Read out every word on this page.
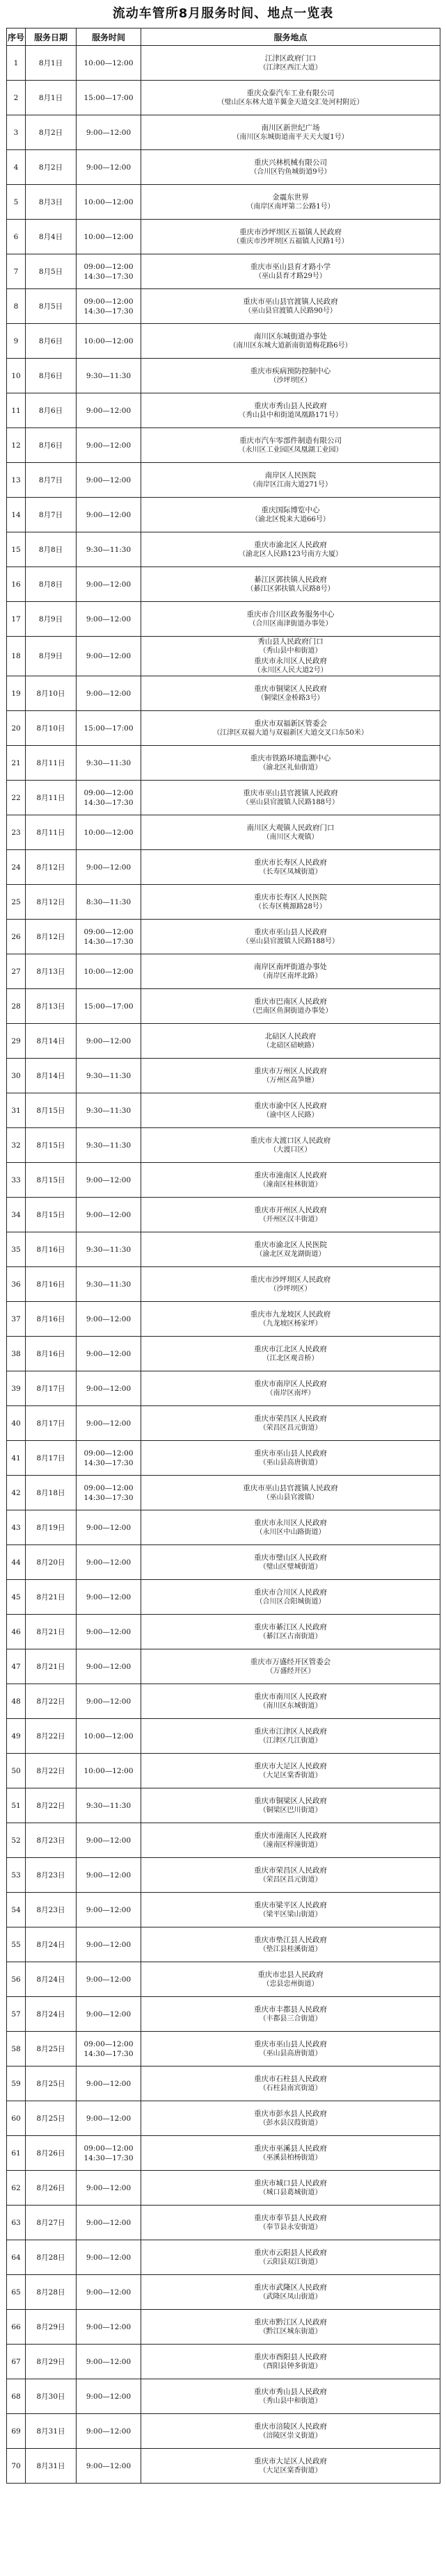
流动车管所8月服务时间、地点一览表
序号	服务日期	服务时间	服务地点
1	8月1日	10:00—12:00	江津区政府门口
（江津区西江大道）

2	8月1日	15:00—17:00	重庆众泰汽车工业有限公司
（璧山区东林大道羊翼金天道交汇处河村附近）

3	8月2日	9:00—12:00	南川区新世纪广场
（南川区东城街道南平天天大厦1号）

4	8月2日	9:00—12:00	重庆兴林机械有限公司
（合川区钓鱼城街道9号）

5	8月3日	10:00—12:00	金震东世界
（南岸区南坪第二公路1号）

6	8月4日	10:00—12:00	重庆市沙坪坝区五福镇人民政府
（重庆市沙坪坝区五福镇人民路1号）

7	8月5日	09:00—12:00
14:30—17:30	重庆市巫山县育才路小学
（巫山县育才路29号）

8	8月5日	09:00—12:00
14:30—17:30	重庆市巫山县官渡镇人民政府
（巫山县官渡镇人民路90号）

9	8月6日	10:00—12:00	南川区东城街道办事处
（南川区东城大道新南街道梅花路6号）

10	8月6日	9:30—11:30	重庆市疾病预防控制中心
（沙坪坝区）

11	8月6日	9:00—12:00	重庆市秀山县人民政府
（秀山县中和街道凤凰路171号）

12	8月6日	9:00—12:00	重庆市汽车零部件制造有限公司
（永川区工业园区凤凰湖工业园）

13	8月7日	9:00—12:00	南岸区人民医院
（南岸区江南大道271号）

14	8月7日	9:00—12:00	重庆国际博览中心
（渝北区悦来大道66号）

15	8月8日	9:30—11:30	重庆市渝北区人民政府
（渝北区人民路123号南方大厦）

16	8月8日	9:00—12:00	綦江区郭扶镇人民政府
（綦江区郭扶镇人民路8号）

17	8月9日	9:00—12:00	重庆市合川区政务服务中心
（合川区南津街道办事处）

18	8月9日	9:00—12:00	秀山县人民政府门口
（秀山县中和街道）
重庆市永川区人民政府
（永川区人民大道2号）

19	8月10日	9:00—12:00	重庆市铜梁区人民政府
（铜梁区金桥路3号）

20	8月10日	15:00—17:00	重庆市双福新区管委会
（江津区双福大道与双福新区大道交叉口东50米）

21	8月11日	9:30—11:30	重庆市铁路环境监测中心
（渝北区礼仙街道）

22	8月11日	09:00—12:00
14:30—17:30	重庆市巫山县官渡镇人民政府
（巫山县官渡镇人民路188号）

23	8月11日	10:00—12:00	南川区大观镇人民政府门口
（南川区大观镇）

24	8月12日	9:00—12:00	重庆市长寿区人民政府
（长寿区凤城街道）

25	8月12日	8:30—11:30	重庆市长寿区人民医院
（长寿区桃源路28号）

26	8月12日	09:00—12:00
14:30—17:30	重庆市巫山县人民政府
（巫山县官渡镇人民路188号）

27	8月13日	10:00—12:00	南岸区南坪街道办事处
（南岸区南坪北路）

28	8月13日	15:00—17:00	重庆市巴南区人民政府
（巴南区鱼洞街道办事处）

29	8月14日	9:00—12:00	北碚区人民政府
（北碚区碚峡路）

30	8月14日	9:30—11:30	重庆市万州区人民政府
（万州区高笋塘）

31	8月15日	9:30—11:30	重庆市渝中区人民政府
（渝中区人民路）

32	8月15日	9:30—11:30	重庆市大渡口区人民政府
（大渡口区）

33	8月15日	9:00—12:00	重庆市潼南区人民政府
（潼南区桂林街道）

34	8月15日	9:00—12:00	重庆市开州区人民政府
（开州区汉丰街道）

35	8月16日	9:30—11:30	重庆市渝北区人民医院
（渝北区双龙湖街道）

36	8月16日	9:30—11:30	重庆市沙坪坝区人民政府
（沙坪坝区）

37	8月16日	9:00—12:00	重庆市九龙坡区人民政府
（九龙坡区杨家坪）

38	8月16日	9:00—12:00	重庆市江北区人民政府
（江北区观音桥）

39	8月17日	9:00—12:00	重庆市南岸区人民政府
（南岸区南坪）

40	8月17日	9:00—12:00	重庆市荣昌区人民政府
（荣昌区昌元街道）

41	8月17日	09:00—12:00
14:30—17:30	重庆市巫山县人民政府
（巫山县高唐街道）

42	8月18日	09:00—12:00
14:30—17:30	重庆市巫山县官渡镇人民政府
（巫山县官渡镇）

43	8月19日	9:00—12:00	重庆市永川区人民政府
（永川区中山路街道）

44	8月20日	9:00—12:00	重庆市璧山区人民政府
（璧山区璧城街道）

45	8月21日	9:00—12:00	重庆市合川区人民政府
（合川区合阳城街道）

46	8月21日	9:00—12:00	重庆市綦江区人民政府
（綦江区古南街道）

47	8月21日	9:00—12:00	重庆市万盛经开区管委会
（万盛经开区）

48	8月22日	9:00—12:00	重庆市南川区人民政府
（南川区东城街道）

49	8月22日	10:00—12:00	重庆市江津区人民政府
（江津区几江街道）

50	8月22日	10:00—12:00	重庆市大足区人民政府
（大足区棠香街道）

51	8月22日	9:30—11:30	重庆市铜梁区人民政府
（铜梁区巴川街道）

52	8月23日	9:00—12:00	重庆市潼南区人民政府
（潼南区梓潼街道）

53	8月23日	9:00—12:00	重庆市荣昌区人民政府
（荣昌区昌元街道）

54	8月23日	9:00—12:00	重庆市梁平区人民政府
（梁平区梁山街道）

55	8月24日	9:00—12:00	重庆市垫江县人民政府
（垫江县桂溪街道）

56	8月24日	9:00—12:00	重庆市忠县人民政府
（忠县忠州街道）

57	8月24日	9:00—12:00	重庆市丰都县人民政府
（丰都县三合街道）

58	8月25日	09:00—12:00
14:30—17:30	重庆市巫山县人民政府
（巫山县高唐街道）

59	8月25日	9:00—12:00	重庆市石柱县人民政府
（石柱县南宾街道）

60	8月25日	9:00—12:00	重庆市彭水县人民政府
（彭水县汉葭街道）

61	8月26日	09:00—12:00
14:30—17:30	重庆市巫溪县人民政府
（巫溪县柏杨街道）

62	8月26日	9:00—12:00	重庆市城口县人民政府
（城口县葛城街道）

63	8月27日	9:00—12:00	重庆市奉节县人民政府
（奉节县永安街道）

64	8月28日	9:00—12:00	重庆市云阳县人民政府
（云阳县双江街道）

65	8月28日	9:00—12:00	重庆市武隆区人民政府
（武隆区凤山街道）

66	8月29日	9:00—12:00	重庆市黔江区人民政府
（黔江区城东街道）

67	8月29日	9:00—12:00	重庆市酉阳县人民政府
（酉阳县钟多街道）

68	8月30日	9:00—12:00	重庆市秀山县人民政府
（秀山县中和街道）

69	8月31日	9:00—12:00	重庆市涪陵区人民政府
（涪陵区崇义街道）

70	8月31日	9:00—12:00	重庆市大足区人民政府
（大足区棠香街道）
